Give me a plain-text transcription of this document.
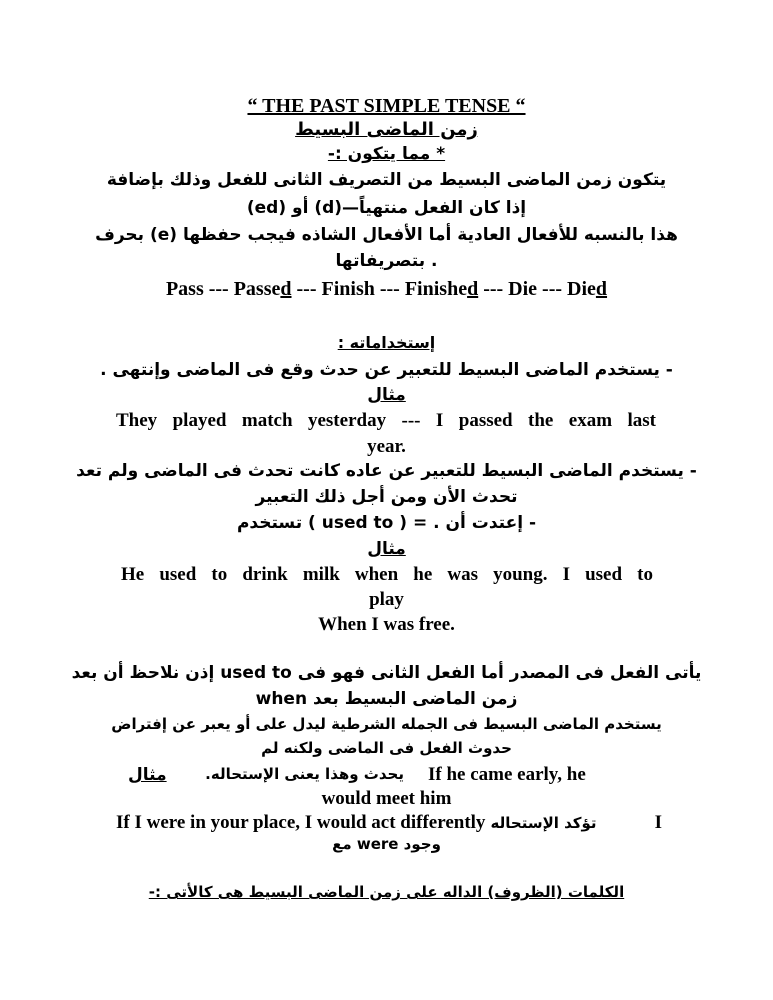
“ THE PAST SIMPLE TENSE “
زمن الماضى البسيط
* مما يتكون :-
يتكون زمن الماضى البسيط من التصريف الثانى للفعل وذلك بإضافة
إذا كان الفعل منتهياً—(d) أو (ed)
هذا بالنسبه للأفعال العادية أما الأفعال الشاذه فيجب حفظها (e) بحرف
. بتصريفاتها
Pass --- Passed --- Finish --- Finished --- Die --- Died
إستخداماته :
- يستخدم الماضى البسيط للتعبير عن حدث وقع فى الماضى وإنتهى .
مثال
They played match yesterday --- I passed the exam last
year.
- يستخدم الماضى البسيط للتعبير عن عاده كانت تحدث فى الماضى ولم تعد
تحدث الأن ومن أجل ذلك التعبير
- إعتدت أن . = ( used to ) تستخدم
مثال
He used to drink milk when he was young. I used to
play
When I was free.
يأتى الفعل فى المصدر أما الفعل الثانى فهو فى used to إذن نلاحظ أن بعد
زمن الماضى البسيط بعد when
يستخدم الماضى البسيط فى الجمله الشرطية ليدل على أو يعبر عن إفتراض
حدوث الفعل فى الماضى ولكنه لم
مثال	يحدث وهذا يعنى الإستحاله. If he came early, he
would meet him
If I were in your place, I would act differently تؤكد الإستحاله	I
وجود were مع
الكلمات (الظروف) الداله على زمن الماضى البسيط هى كالأتى :-
